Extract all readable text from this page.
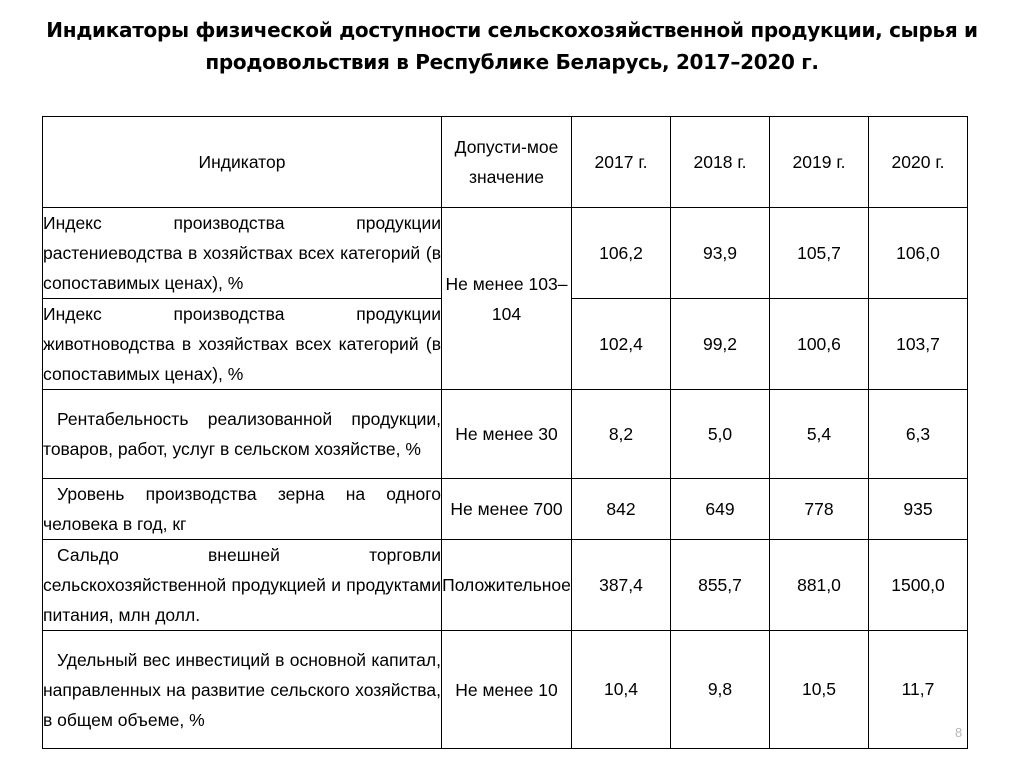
Индикаторы физической доступности сельскохозяйственной продукции, сырья и продовольствия в Республике Беларусь, 2017–2020 г.
Индикатор	Допусти-мое значение	2017 г.	2018 г.	2019 г.	2020 г.
Индекс производства продукции растениеводства в хозяйствах всех категорий (в сопоставимых ценах), %	Не менее 103–104	106,2	93,9	105,7	106,0
Индекс производства продукции животноводства в хозяйствах всех категорий (в сопоставимых ценах), %		102,4	99,2	100,6	103,7
Рентабельность реализованной продукции, товаров, работ, услуг в сельском хозяйстве, %	Не менее 30	8,2	5,0	5,4	6,3
Уровень производства зерна на одного человека в год, кг	Не менее 700	842	649	778	935
Сальдо внешней торговли сельскохозяйственной продукцией и продуктами питания, млн долл.	Положительное	387,4	855,7	881,0	1500,0
Удельный вес инвестиций в основной капитал, направленных на развитие сельского хозяйства, в общем объеме, %	Не менее 10	10,4	9,8	10,5	11,7
8
